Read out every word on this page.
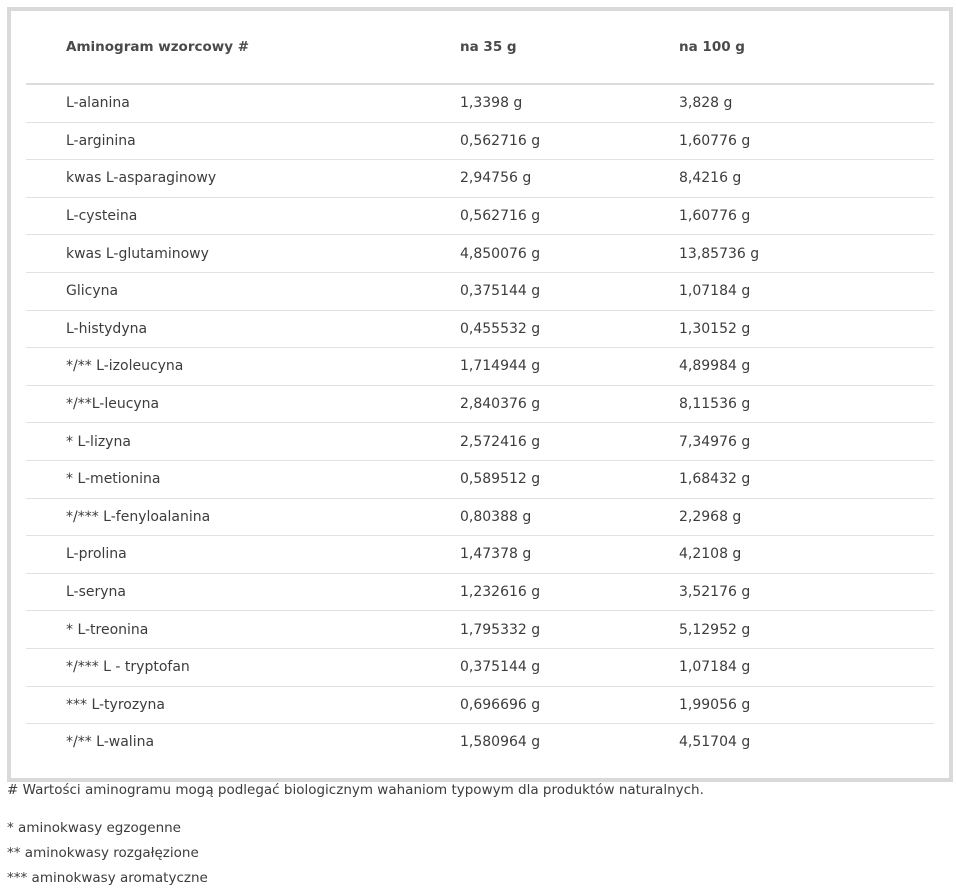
Aminogram wzorcowy #	na 35 g	na 100 g
L-alanina	1,3398 g	3,828 g
L-arginina	0,562716 g	1,60776 g
kwas L-asparaginowy	2,94756 g	8,4216 g
L-cysteina	0,562716 g	1,60776 g
kwas L-glutaminowy	4,850076 g	13,85736 g
Glicyna	0,375144 g	1,07184 g
L-histydyna	0,455532 g	1,30152 g
*/** L-izoleucyna	1,714944 g	4,89984 g
*/**L-leucyna	2,840376 g	8,11536 g
* L-lizyna	2,572416 g	7,34976 g
* L-metionina	0,589512 g	1,68432 g
*/*** L-fenyloalanina	0,80388 g	2,2968 g
L-prolina	1,47378 g	4,2108 g
L-seryna	1,232616 g	3,52176 g
* L-treonina	1,795332 g	5,12952 g
*/*** L - tryptofan	0,375144 g	1,07184 g
*** L-tyrozyna	0,696696 g	1,99056 g
*/** L-walina	1,580964 g	4,51704 g
# Wartości aminogramu mogą podlegać biologicznym wahaniom typowym dla produktów naturalnych.
* aminokwasy egzogenne
** aminokwasy rozgałęzione
*** aminokwasy aromatyczne
